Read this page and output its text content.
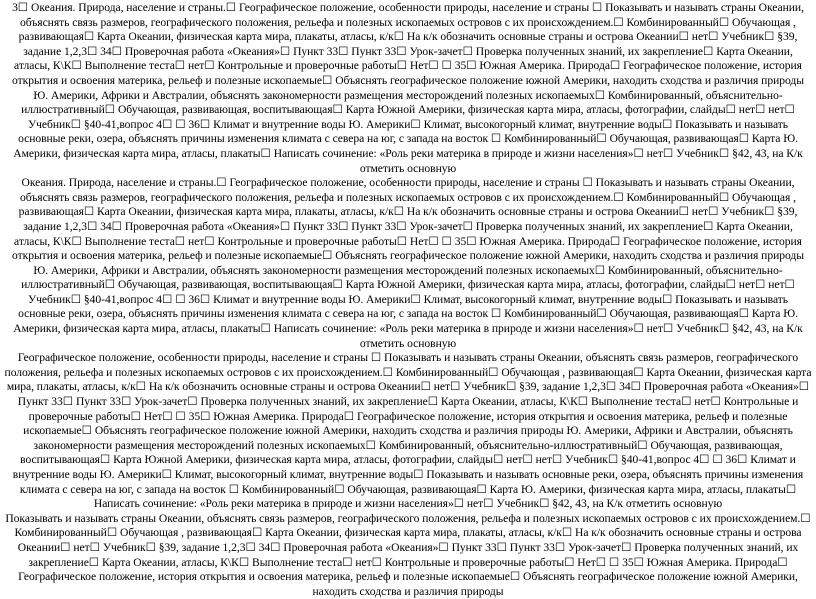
3☐ Океания. Природа, население и страны.☐ Географическое положение, особенности природы, население и страны ☐ Показывать и называть страны Океании, объяснять связь размеров, географического положения, рельефа и полезных ископаемых островов с их происхождением.☐ Комбинированный☐ Обучающая , развивающая☐ Карта Океании, физическая карта мира, плакаты, атласы, к/к☐ На к/к обозначить основные страны и острова Океании☐ нет☐ Учебник☐ §39, задание 1,2,3☐ 34☐ Проверочная работа «Океания»☐ Пункт 33☐ Пункт 33☐ Урок-зачет☐ Проверка полученных знаний, их закрепление☐ Карта Океании, атласы, К\К☐ Выполнение теста☐ нет☐ Контрольные и проверочные работы☐ Нет☐ ☐ 35☐ Южная Америка. Природа☐ Географическое положение, история открытия и освоения материка, рельеф и полезные ископаемые☐ Объяснять географическое положение южной Америки, находить сходства и различия природы Ю. Америки, Африки и Австралии, объяснять закономерности размещения месторождений полезных ископаемых☐ Комбинированный, объяснительно-иллюстративный☐ Обучающая, развивающая, воспитывающая☐ Карта Южной Америки, физическая карта мира, атласы, фотографии, слайды☐ нет☐ нет☐ Учебник☐ §40-41,вопрос 4☐ ☐ 36☐ Климат и внутренние воды Ю. Америки☐ Климат, высокогорный климат, внутренние воды☐ Показывать и называть основные реки, озера, объяснять причины изменения климата с севера на юг, с запада на восток ☐ Комбинированный☐ Обучающая, развивающая☐ Карта Ю. Америки, физическая карта мира, атласы, плакаты☐ Написать сочинение: «Роль реки материка в природе и жизни населения»☐ нет☐ Учебник☐ §42, 43, на К/к отметить основную

Океания. Природа, население и страны.☐ Географическое положение, особенности природы, население и страны ☐ Показывать и называть страны Океании, объяснять связь размеров, географического положения, рельефа и полезных ископаемых островов с их происхождением.☐ Комбинированный☐ Обучающая , развивающая☐ Карта Океании, физическая карта мира, плакаты, атласы, к/к☐ На к/к обозначить основные страны и острова Океании☐ нет☐ Учебник☐ §39, задание 1,2,3☐ 34☐ Проверочная работа «Океания»☐ Пункт 33☐ Пункт 33☐ Урок-зачет☐ Проверка полученных знаний, их закрепление☐ Карта Океании, атласы, К\К☐ Выполнение теста☐ нет☐ Контрольные и проверочные работы☐ Нет☐ ☐ 35☐ Южная Америка. Природа☐ Географическое положение, история открытия и освоения материка, рельеф и полезные ископаемые☐ Объяснять географическое положение южной Америки, находить сходства и различия природы Ю. Америки, Африки и Австралии, объяснять закономерности размещения месторождений полезных ископаемых☐ Комбинированный, объяснительно-иллюстративный☐ Обучающая, развивающая, воспитывающая☐ Карта Южной Америки, физическая карта мира, атласы, фотографии, слайды☐ нет☐ нет☐ Учебник☐ §40-41,вопрос 4☐ ☐ 36☐ Климат и внутренние воды Ю. Америки☐ Климат, высокогорный климат, внутренние воды☐ Показывать и называть основные реки, озера, объяснять причины изменения климата с севера на юг, с запада на восток ☐ Комбинированный☐ Обучающая, развивающая☐ Карта Ю. Америки, физическая карта мира, атласы, плакаты☐ Написать сочинение: «Роль реки материка в природе и жизни населения»☐ нет☐ Учебник☐ §42, 43, на К/к отметить основную

Географическое положение, особенности природы, население и страны ☐ Показывать и называть страны Океании, объяснять связь размеров, географического положения, рельефа и полезных ископаемых островов с их происхождением.☐ Комбинированный☐ Обучающая , развивающая☐ Карта Океании, физическая карта мира, плакаты, атласы, к/к☐ На к/к обозначить основные страны и острова Океании☐ нет☐ Учебник☐ §39, задание 1,2,3☐ 34☐ Проверочная работа «Океания»☐ Пункт 33☐ Пункт 33☐ Урок-зачет☐ Проверка полученных знаний, их закрепление☐ Карта Океании, атласы, К\К☐ Выполнение теста☐ нет☐ Контрольные и проверочные работы☐ Нет☐ ☐ 35☐ Южная Америка. Природа☐ Географическое положение, история открытия и освоения материка, рельеф и полезные ископаемые☐ Объяснять географическое положение южной Америки, находить сходства и различия природы Ю. Америки, Африки и Австралии, объяснять закономерности размещения месторождений полезных ископаемых☐ Комбинированный, объяснительно-иллюстративный☐ Обучающая, развивающая, воспитывающая☐ Карта Южной Америки, физическая карта мира, атласы, фотографии, слайды☐ нет☐ нет☐ Учебник☐ §40-41,вопрос 4☐ ☐ 36☐ Климат и внутренние воды Ю. Америки☐ Климат, высокогорный климат, внутренние воды☐ Показывать и называть основные реки, озера, объяснять причины изменения климата с севера на юг, с запада на восток ☐ Комбинированный☐ Обучающая, развивающая☐ Карта Ю. Америки, физическая карта мира, атласы, плакаты☐ Написать сочинение: «Роль реки материка в природе и жизни населения»☐ нет☐ Учебник☐ §42, 43, на К/к отметить основную

Показывать и называть страны Океании, объяснять связь размеров, географического положения, рельефа и полезных ископаемых островов с их происхождением.☐ Комбинированный☐ Обучающая , развивающая☐ Карта Океании, физическая карта мира, плакаты, атласы, к/к☐ На к/к обозначить основные страны и острова Океании☐ нет☐ Учебник☐ §39, задание 1,2,3☐ 34☐ Проверочная работа «Океания»☐ Пункт 33☐ Пункт 33☐ Урок-зачет☐ Проверка полученных знаний, их закрепление☐ Карта Океании, атласы, К\К☐ Выполнение теста☐ нет☐ Контрольные и проверочные работы☐ Нет☐ ☐ 35☐ Южная Америка. Природа☐ Географическое положение, история открытия и освоения материка, рельеф и полезные ископаемые☐ Объяснять географическое положение южной Америки, находить сходства и различия природы
